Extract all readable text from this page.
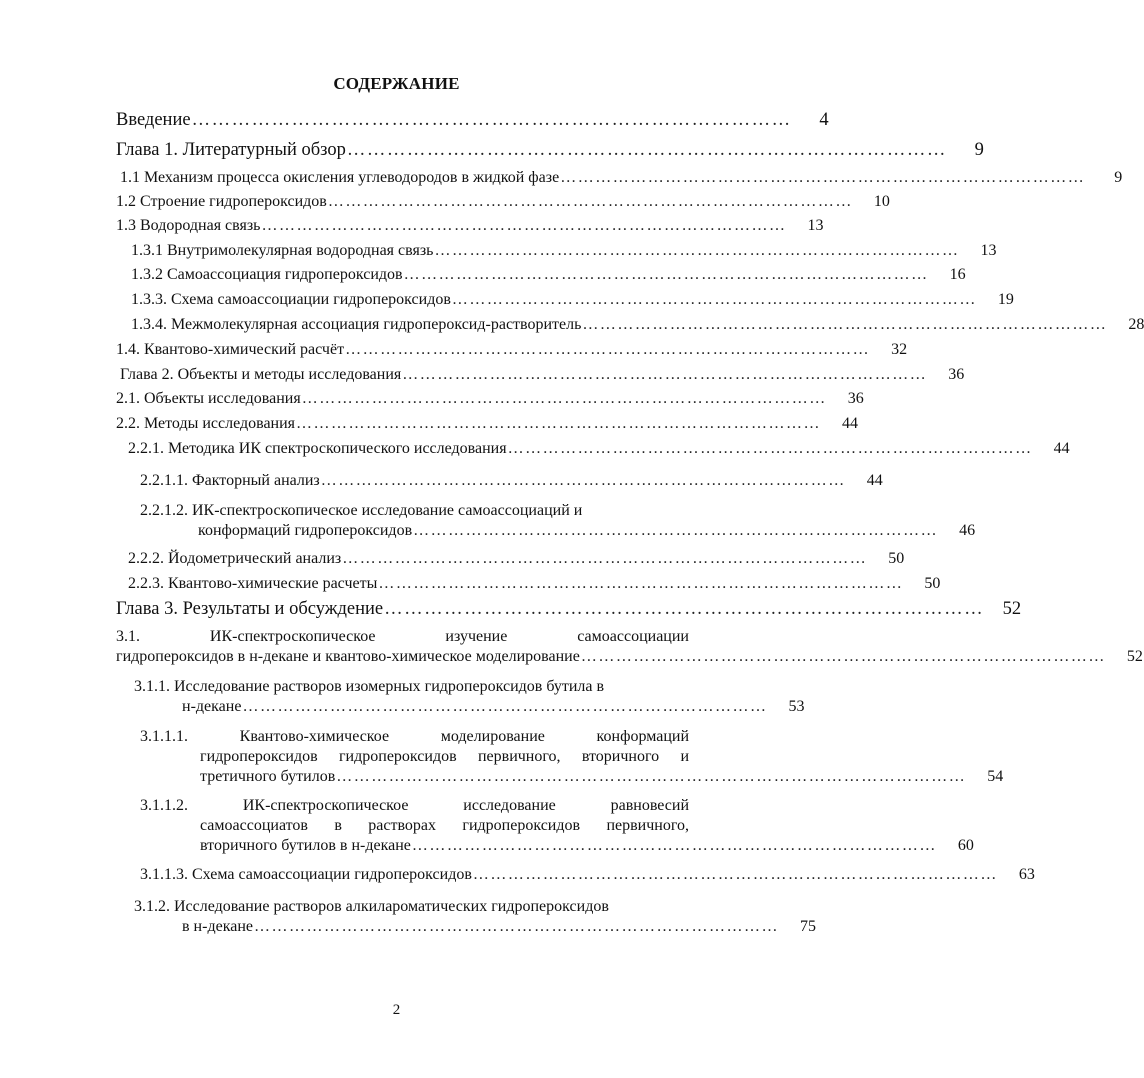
СОДЕРЖАНИЕ
Введение ………………………………………………………………………………	4
Глава 1. Литературный обзор ………………………………………………………………………………	9
1.1 Механизм процесса окисления углеводородов в жидкой фазе ………………………………………………………………………………	9
1.2 Строение гидропероксидов ………………………………………………………………………………	10
1.3 Водородная связь ………………………………………………………………………………	13
1.3.1 Внутримолекулярная водородная связь ………………………………………………………………………………	13
1.3.2 Самоассоциация гидропероксидов ………………………………………………………………………………	16
1.3.3. Схема самоассоциации гидропероксидов ………………………………………………………………………………	19
1.3.4. Межмолекулярная ассоциация гидропероксид-растворитель ………………………………………………………………………………	28
1.4. Квантово-химический расчёт ………………………………………………………………………………	32
Глава 2. Объекты и методы исследования ………………………………………………………………………………	36
2.1. Объекты исследования ………………………………………………………………………………	36
2.2. Методы исследования ………………………………………………………………………………	44
2.2.1. Методика ИК спектроскопического исследования ………………………………………………………………………………	44
2.2.1.1. Факторный анализ ………………………………………………………………………………	44
2.2.1.2. ИК-спектроскопическое исследование самоассоциаций и
конформаций гидропероксидов ………………………………………………………………………………	46
2.2.2. Йодометрический анализ ………………………………………………………………………………	50
2.2.3. Квантово-химические расчеты ………………………………………………………………………………	50
Глава 3. Результаты и обсуждение ………………………………………………………………………………	52
3.1. ИК-спектроскопическое изучение самоассоциации
гидропероксидов в н-декане и квантово-химическое моделирование ………………………………………………………………………………	52
3.1.1. Исследование растворов изомерных гидропероксидов бутила в
н-декане ………………………………………………………………………………	53
3.1.1.1. Квантово-химическое моделирование конформаций
гидропероксидов гидропероксидов первичного, вторичного и
третичного бутилов ………………………………………………………………………………………………	54
3.1.1.2. ИК-спектроскопическое исследование равновесий
самоассоциатов в растворах гидропероксидов первичного,
вторичного бутилов в н-декане ………………………………………………………………………………	60
3.1.1.3. Схема самоассоциации гидропероксидов ………………………………………………………………………………	63
3.1.2. Исследование растворов алкилароматических гидропероксидов
в н-декане ………………………………………………………………………………	75
2
